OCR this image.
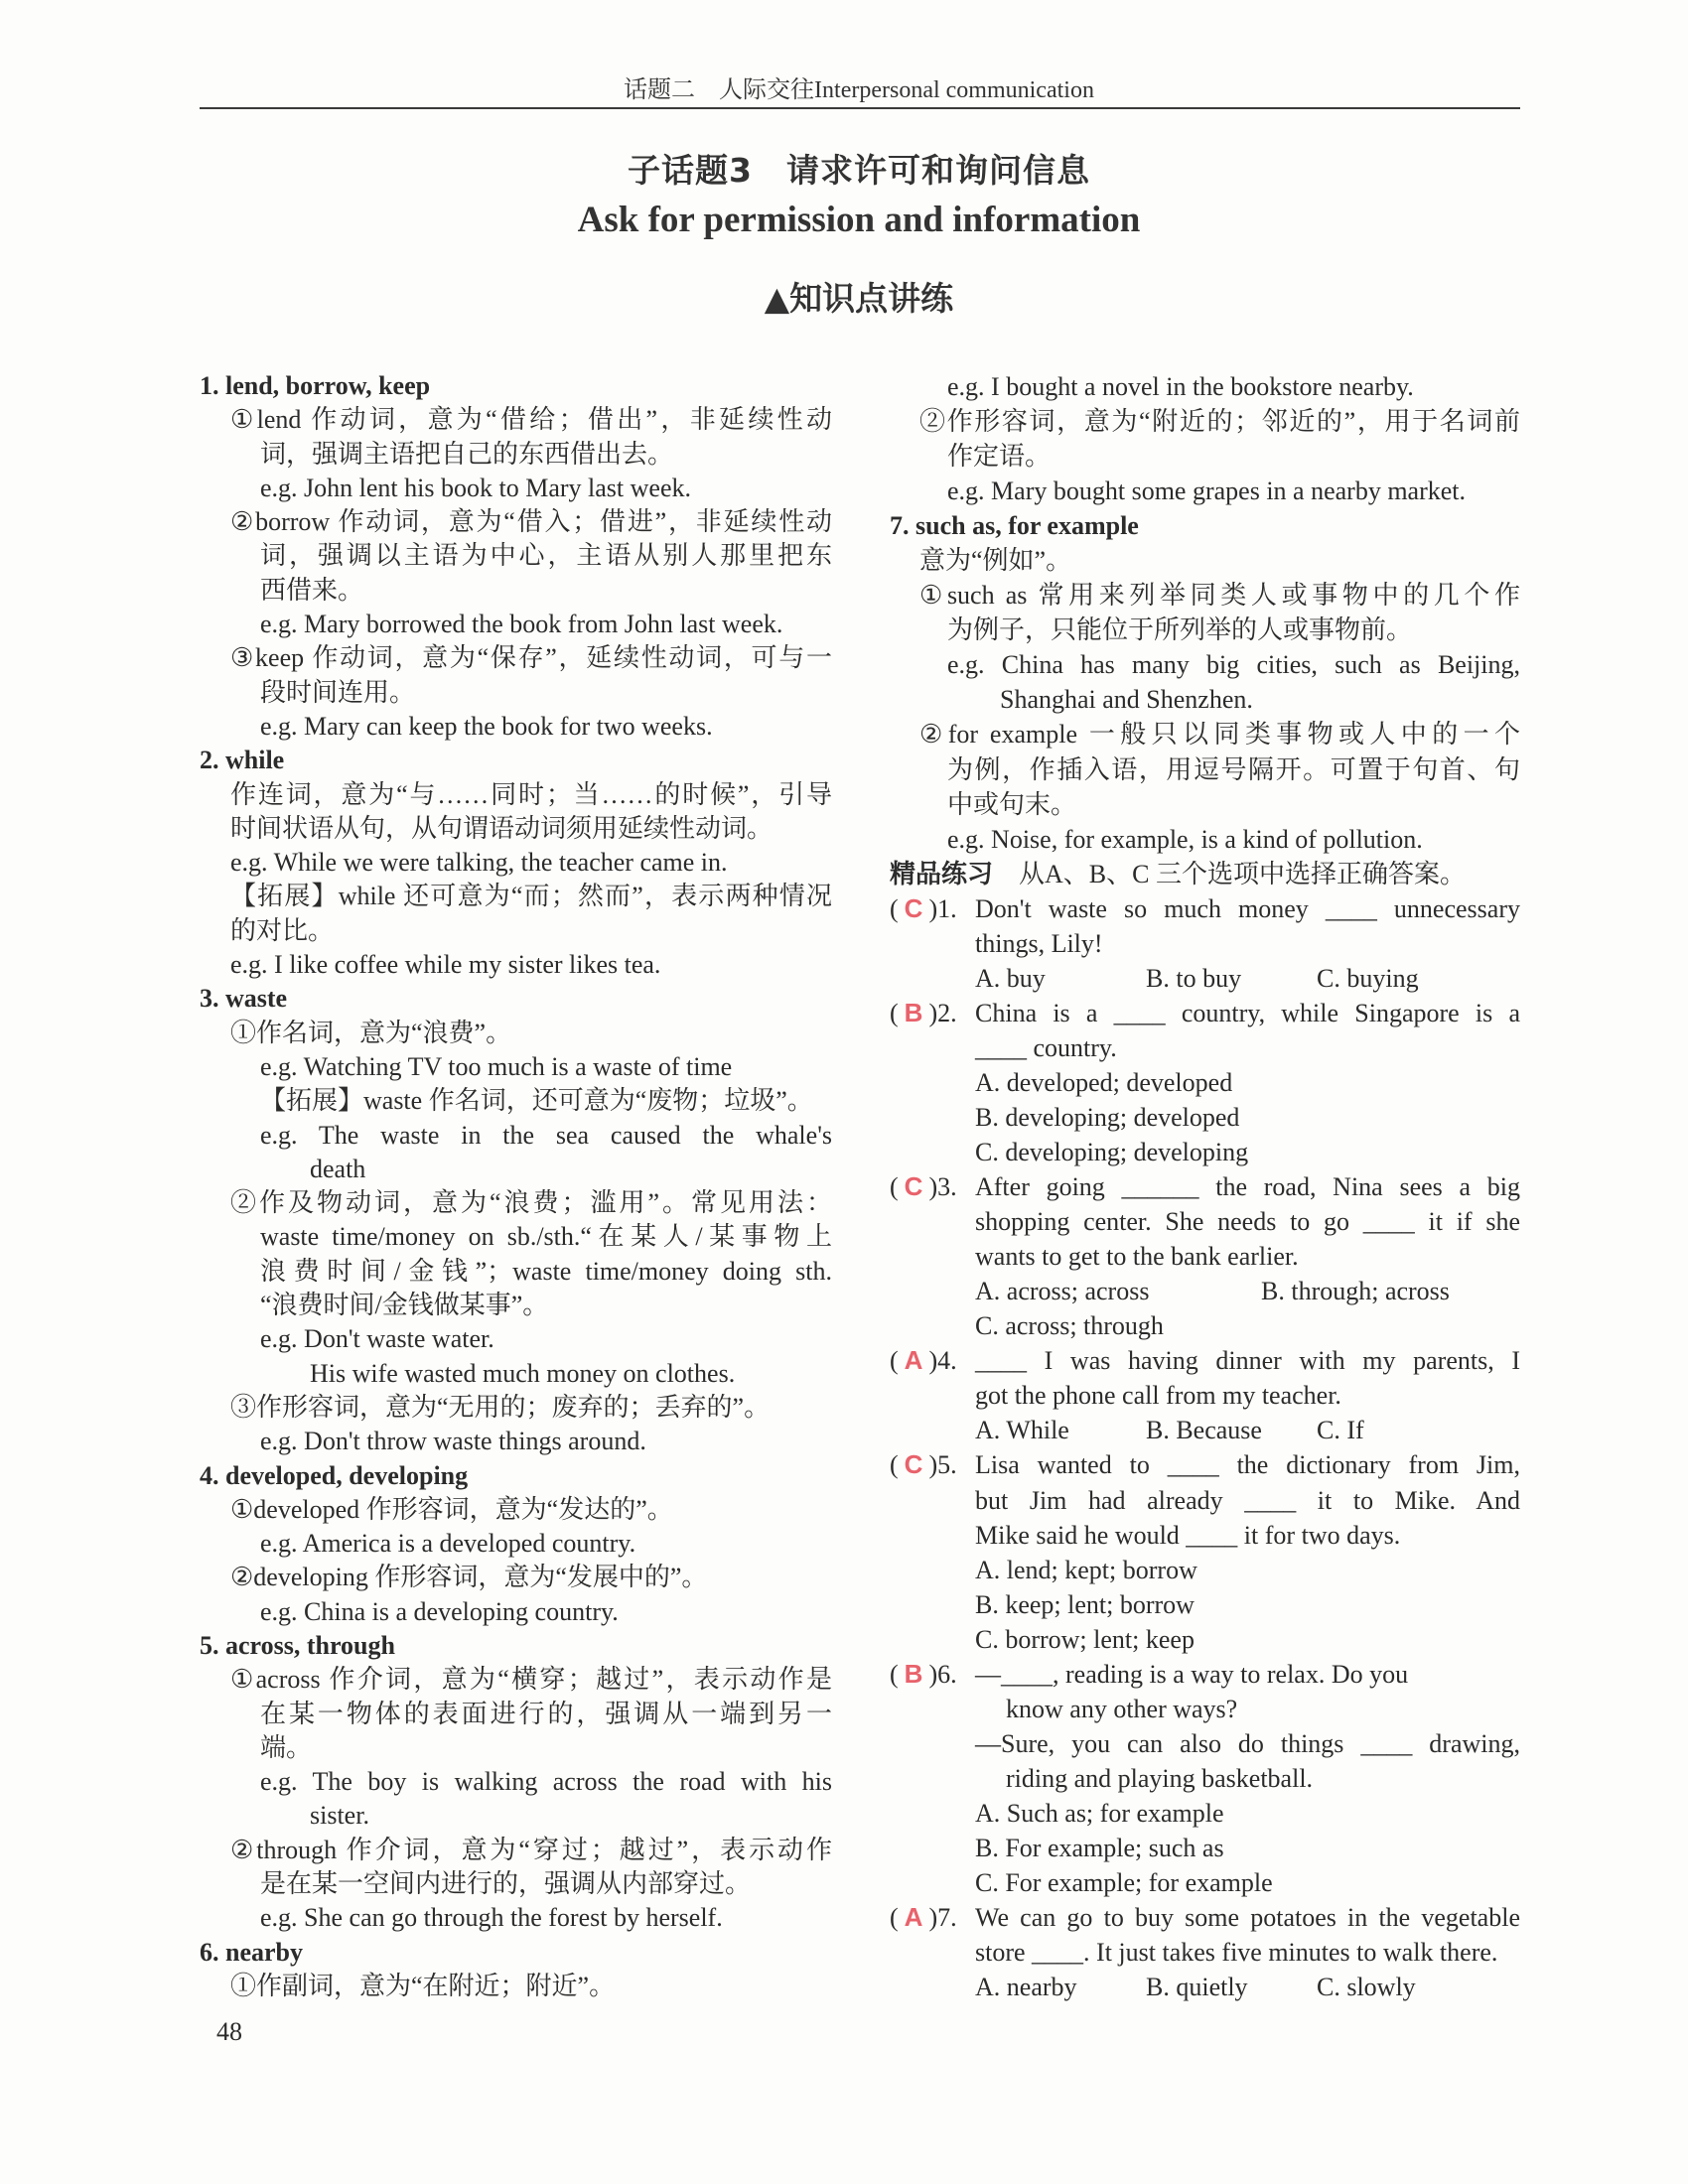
话题二　人际交往Interpersonal communication
子话题3　请求许可和询问信息
Ask for permission and information
▲知识点讲练
1. lend, borrow, keep
①lend 作动词，意为“借给；借出”，非延续性动
词，强调主语把自己的东西借出去。
e.g. John lent his book to Mary last week.
②borrow 作动词，意为“借入；借进”，非延续性动
词，强调以主语为中心，主语从别人那里把东
西借来。
e.g. Mary borrowed the book from John last week.
③keep 作动词，意为“保存”，延续性动词，可与一
段时间连用。
e.g. Mary can keep the book for two weeks.
2. while
作连词，意为“与……同时；当……的时候”，引导
时间状语从句，从句谓语动词须用延续性动词。
e.g. While we were talking, the teacher came in.
【拓展】while 还可意为“而；然而”，表示两种情况
的对比。
e.g. I like coffee while my sister likes tea.
3. waste
①作名词，意为“浪费”。
e.g. Watching TV too much is a waste of time
【拓展】waste 作名词，还可意为“废物；垃圾”。
e.g. The waste in the sea caused the whale's
death
②作及物动词，意为“浪费；滥用”。常见用法：
waste time/money on sb./sth.“在某人/某事物上
浪费时间/金钱”；waste time/money doing sth.
“浪费时间/金钱做某事”。
e.g. Don't waste water.
His wife wasted much money on clothes.
③作形容词，意为“无用的；废弃的；丢弃的”。
e.g. Don't throw waste things around.
4. developed, developing
①developed 作形容词，意为“发达的”。
e.g. America is a developed country.
②developing 作形容词，意为“发展中的”。
e.g. China is a developing country.
5. across, through
①across 作介词，意为“横穿；越过”，表示动作是
在某一物体的表面进行的，强调从一端到另一
端。
e.g. The boy is walking across the road with his
sister.
②through 作介词，意为“穿过；越过”，表示动作
是在某一空间内进行的，强调从内部穿过。
e.g. She can go through the forest by herself.
6. nearby
①作副词，意为“在附近；附近”。
e.g. I bought a novel in the bookstore nearby.
②作形容词，意为“附近的；邻近的”，用于名词前
作定语。
e.g. Mary bought some grapes in a nearby market.
7. such as, for example
意为“例如”。
①such as 常用来列举同类人或事物中的几个作
为例子，只能位于所列举的人或事物前。
e.g. China has many big cities, such as Beijing,
Shanghai and Shenzhen.
②for example 一般只以同类事物或人中的一个
为例，作插入语，用逗号隔开。可置于句首、句
中或句末。
e.g. Noise, for example, is a kind of pollution.
精品练习　从A、B、C 三个选项中选择正确答案。
( C )1. Don't waste so much money ____ unnecessary
things, Lily!
A. buy	B. to buy	C. buying
( B )2. China is a ____ country, while Singapore is a
____ country.
A. developed; developed
B. developing; developed
C. developing; developing
( C )3. After going ______ the road, Nina sees a big
shopping center. She needs to go ____ it if she
wants to get to the bank earlier.
A. across; across	B. through; across
C. across; through
( A )4. ____ I was having dinner with my parents, I
got the phone call from my teacher.
A. While	B. Because C. If
( C )5. Lisa wanted to ____ the dictionary from Jim,
but Jim had already ____ it to Mike. And
Mike said he would ____ it for two days.
A. lend; kept; borrow
B. keep; lent; borrow
C. borrow; lent; keep
( B )6. —____, reading is a way to relax. Do you
know any other ways?
—Sure, you can also do things ____ drawing,
riding and playing basketball.
A. Such as; for example
B. For example; such as
C. For example; for example
( A )7. We can go to buy some potatoes in the vegetable
store ____. It just takes five minutes to walk there.
A. nearby	B. quietly	C. slowly
48
